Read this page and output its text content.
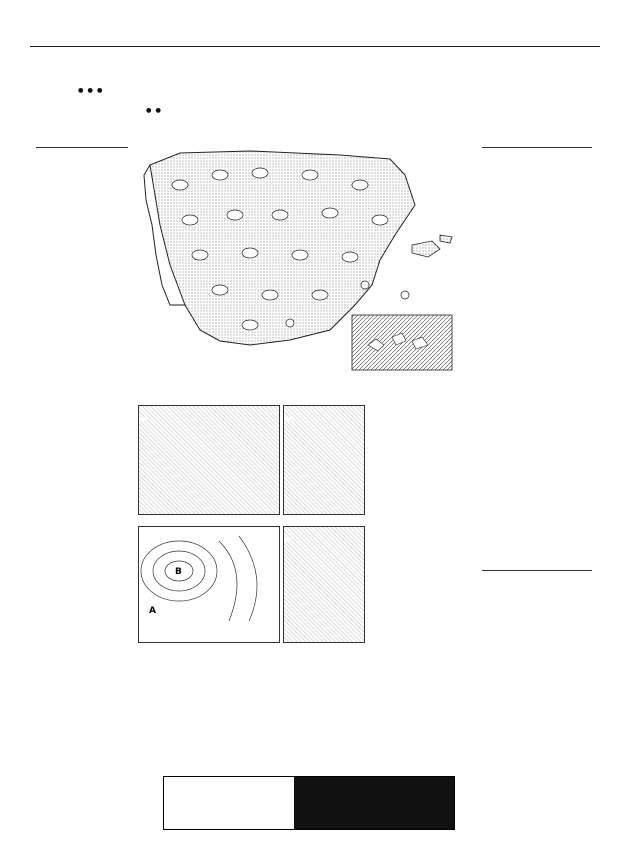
●  ●  ●
●  ●
B
A
